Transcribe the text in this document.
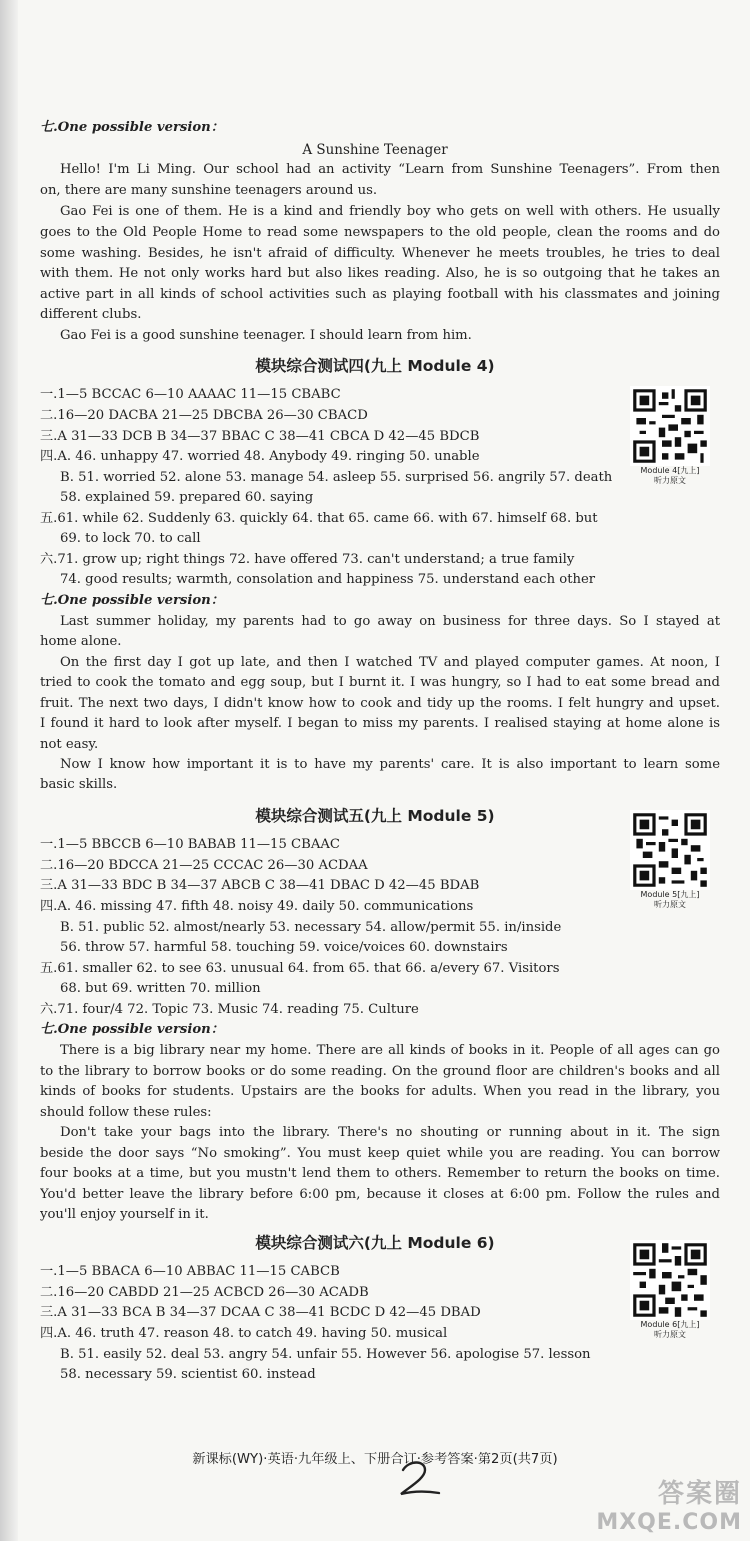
七.One possible version：
A Sunshine Teenager
Hello! I'm Li Ming. Our school had an activity “Learn from Sunshine Teenagers”. From then
on, there are many sunshine teenagers around us.
Gao Fei is one of them. He is a kind and friendly boy who gets on well with others. He usually
goes to the Old People Home to read some newspapers to the old people, clean the rooms and do
some washing. Besides, he isn't afraid of difficulty. Whenever he meets troubles, he tries to deal
with them. He not only works hard but also likes reading. Also, he is so outgoing that he takes an
active part in all kinds of school activities such as playing football with his classmates and joining
different clubs.
Gao Fei is a good sunshine teenager. I should learn from him.
模块综合测试四(九上 Module 4)
Module 4[九上]
听力原文
一.1—5 BCCAC 6—10 AAAAC 11—15 CBABC
二.16—20 DACBA 21—25 DBCBA 26—30 CBACD
三.A 31—33 DCB B 34—37 BBAC C 38—41 CBCA D 42—45 BDCB
四.A. 46. unhappy 47. worried 48. Anybody 49. ringing 50. unable
B. 51. worried 52. alone 53. manage 54. asleep 55. surprised 56. angrily 57. death
58. explained 59. prepared 60. saying
五.61. while 62. Suddenly 63. quickly 64. that 65. came 66. with 67. himself 68. but
69. to lock 70. to call
六.71. grow up; right things 72. have offered 73. can't understand; a true family
74. good results; warmth, consolation and happiness 75. understand each other
七.One possible version：
Last summer holiday, my parents had to go away on business for three days. So I stayed at
home alone.
On the first day I got up late, and then I watched TV and played computer games. At noon, I
tried to cook the tomato and egg soup, but I burnt it. I was hungry, so I had to eat some bread and
fruit. The next two days, I didn't know how to cook and tidy up the rooms. I felt hungry and upset.
I found it hard to look after myself. I began to miss my parents. I realised staying at home alone is
not easy.
Now I know how important it is to have my parents' care. It is also important to learn some
basic skills.
模块综合测试五(九上 Module 5)
Module 5[九上]
听力原文
一.1—5 BBCCB 6—10 BABAB 11—15 CBAAC
二.16—20 BDCCA 21—25 CCCAC 26—30 ACDAA
三.A 31—33 BDC B 34—37 ABCB C 38—41 DBAC D 42—45 BDAB
四.A. 46. missing 47. fifth 48. noisy 49. daily 50. communications
B. 51. public 52. almost/nearly 53. necessary 54. allow/permit 55. in/inside
56. throw 57. harmful 58. touching 59. voice/voices 60. downstairs
五.61. smaller 62. to see 63. unusual 64. from 65. that 66. a/every 67. Visitors
68. but 69. written 70. million
六.71. four/4 72. Topic 73. Music 74. reading 75. Culture
七.One possible version：
There is a big library near my home. There are all kinds of books in it. People of all ages can go
to the library to borrow books or do some reading. On the ground floor are children's books and all
kinds of books for students. Upstairs are the books for adults. When you read in the library, you
should follow these rules:
Don't take your bags into the library. There's no shouting or running about in it. The sign
beside the door says “No smoking”. You must keep quiet while you are reading. You can borrow
four books at a time, but you mustn't lend them to others. Remember to return the books on time.
You'd better leave the library before 6:00 pm, because it closes at 6:00 pm. Follow the rules and
you'll enjoy yourself in it.
模块综合测试六(九上 Module 6)
Module 6[九上]
听力原文
一.1—5 BBACA 6—10 ABBAC 11—15 CABCB
二.16—20 CABDD 21—25 ACBCD 26—30 ACADB
三.A 31—33 BCA B 34—37 DCAA C 38—41 BCDC D 42—45 DBAD
四.A. 46. truth 47. reason 48. to catch 49. having 50. musical
B. 51. easily 52. deal 53. angry 54. unfair 55. However 56. apologise 57. lesson
58. necessary 59. scientist 60. instead
新课标(WY)·英语·九年级上、下册合订·参考答案·第2页(共7页)
答案圈
MXQE.COM
